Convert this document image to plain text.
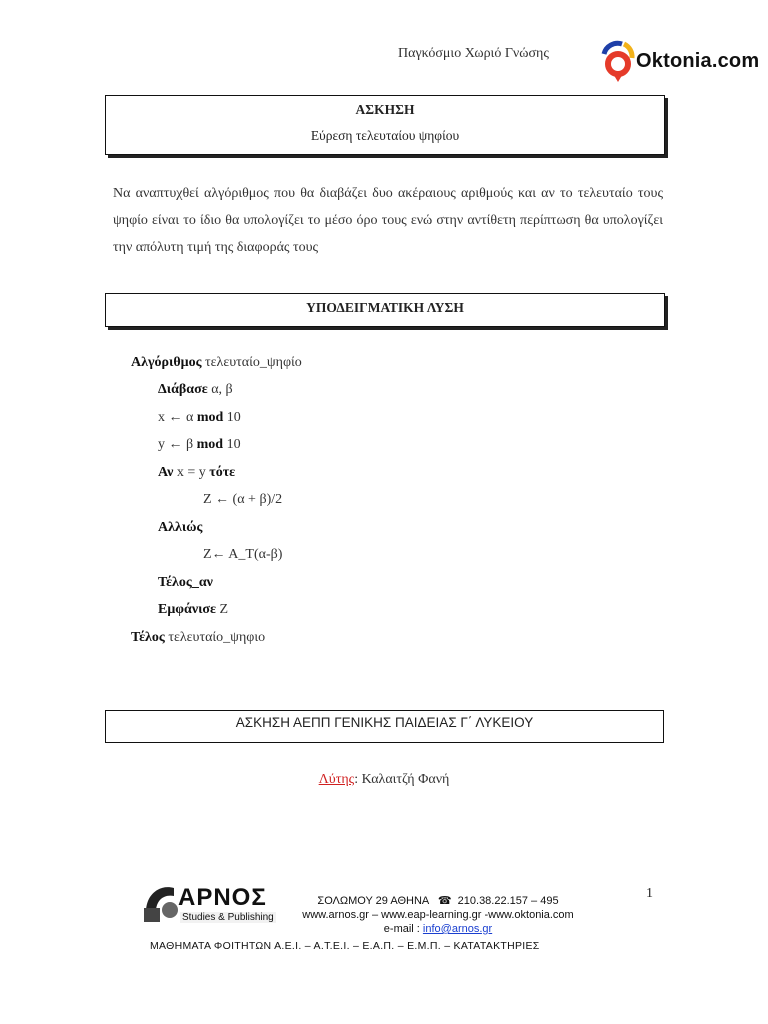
Παγκόσμιο Χωριό Γνώσης	Oktonia.com
ΑΣΚΗΣΗ
Εύρεση τελευταίου ψηφίου
Να αναπτυχθεί αλγόριθμος που θα διαβάζει δυο ακέραιους αριθμούς και αν το τελευταίο τους ψηφίο είναι το ίδιο θα υπολογίζει το μέσο όρο τους ενώ στην αντίθετη περίπτωση θα υπολογίζει την απόλυτη τιμή της διαφοράς τους
ΥΠΟΔΕΙΓΜΑΤΙΚΗ ΛΥΣΗ
Αλγόριθμος τελευταίο_ψηφίο
Διάβασε α, β
x ← α mod 10
y ← β mod 10
Αν x = y τότε
Z ← (α + β)/2
Αλλιώς
Z← A_T(α-β)
Τέλος_αν
Εμφάνισε Z
Τέλος τελευταίο_ψηφιο
ΑΣΚΗΣΗ ΑΕΠΠ ΓΕΝΙΚΗΣ ΠΑΙΔΕΙΑΣ Γ΄ ΛΥΚΕΙΟΥ
Λύτης: Καλαιτζή Φανή
1
ΑΡΝΟΣ
Studies & Publishing
ΣΟΛΩΜΟΥ 29 ΑΘΗΝΑ ☎ 210.38.22.157 – 495
www.arnos.gr – www.eap-learning.gr -www.oktonia.com
e-mail : info@arnos.gr
ΜΑΘΗΜΑΤΑ ΦΟΙΤΗΤΩΝ Α.Ε.Ι. – Α.Τ.Ε.Ι. – Ε.Α.Π. – Ε.Μ.Π. – ΚΑΤΑΤΑΚΤΗΡΙΕΣ
